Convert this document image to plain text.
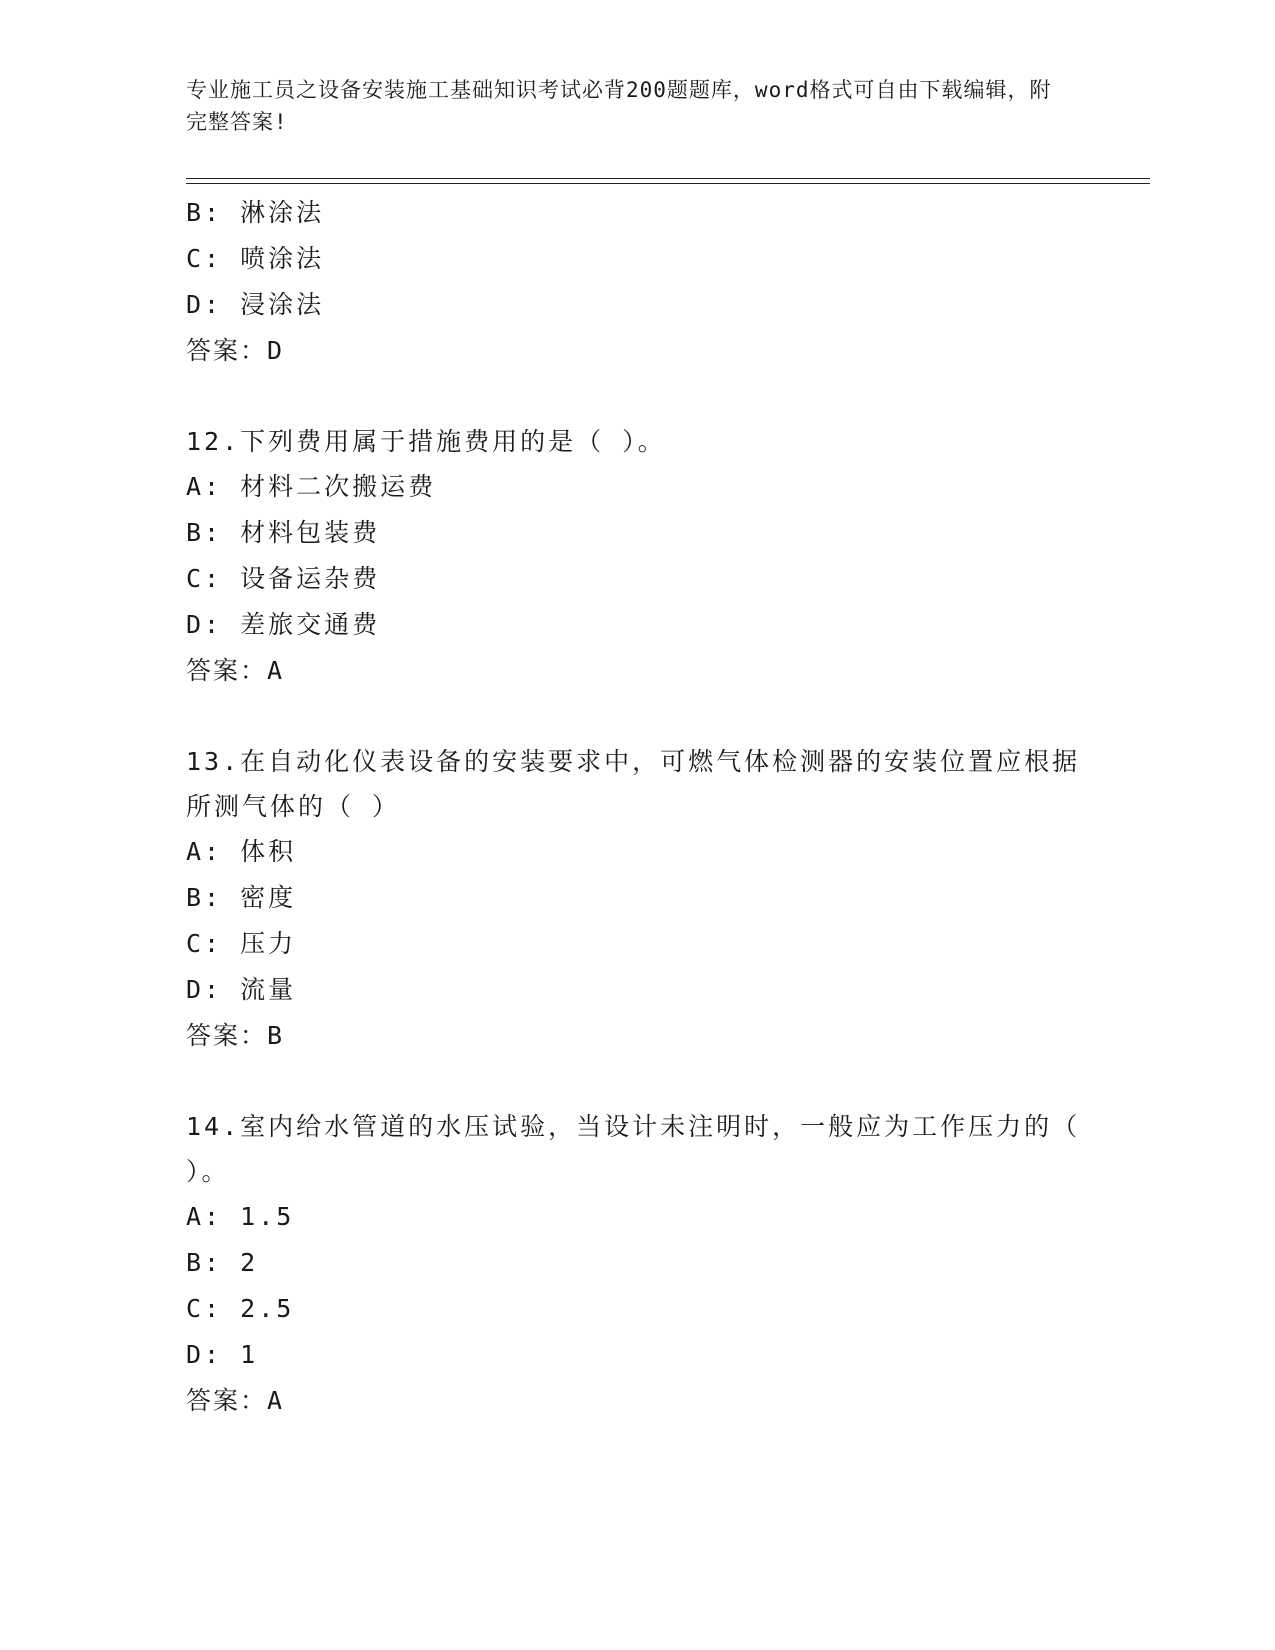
专业施工员之设备安装施工基础知识考试必背200题题库，word格式可自由下载编辑，附完整答案!
B: 淋涂法
C: 喷涂法
D: 浸涂法
答案：D
12.下列费用属于措施费用的是（ ）。
A: 材料二次搬运费
B: 材料包装费
C: 设备运杂费
D: 差旅交通费
答案：A
13.在自动化仪表设备的安装要求中，可燃气体检测器的安装位置应根据所测气体的（ ）
A: 体积
B: 密度
C: 压力
D: 流量
答案：B
14.室内给水管道的水压试验，当设计未注明时，一般应为工作压力的（ ）。
A: 1.5
B: 2
C: 2.5
D: 1
答案：A
